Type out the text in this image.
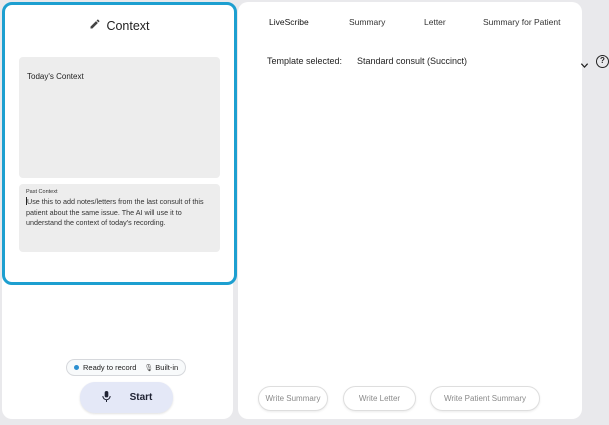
Context
Today's Context
Past Context
Use this to add notes/letters from the last consult of this patient about the same issue. The AI will use it to understand the context of today's recording.
Ready to record 🎙 Built-in
Start
LiveScribe	Summary	Letter	Summary for Patient
Template selected: Standard consult (Succinct)	?
Write Summary	Write Letter	Write Patient Summary
